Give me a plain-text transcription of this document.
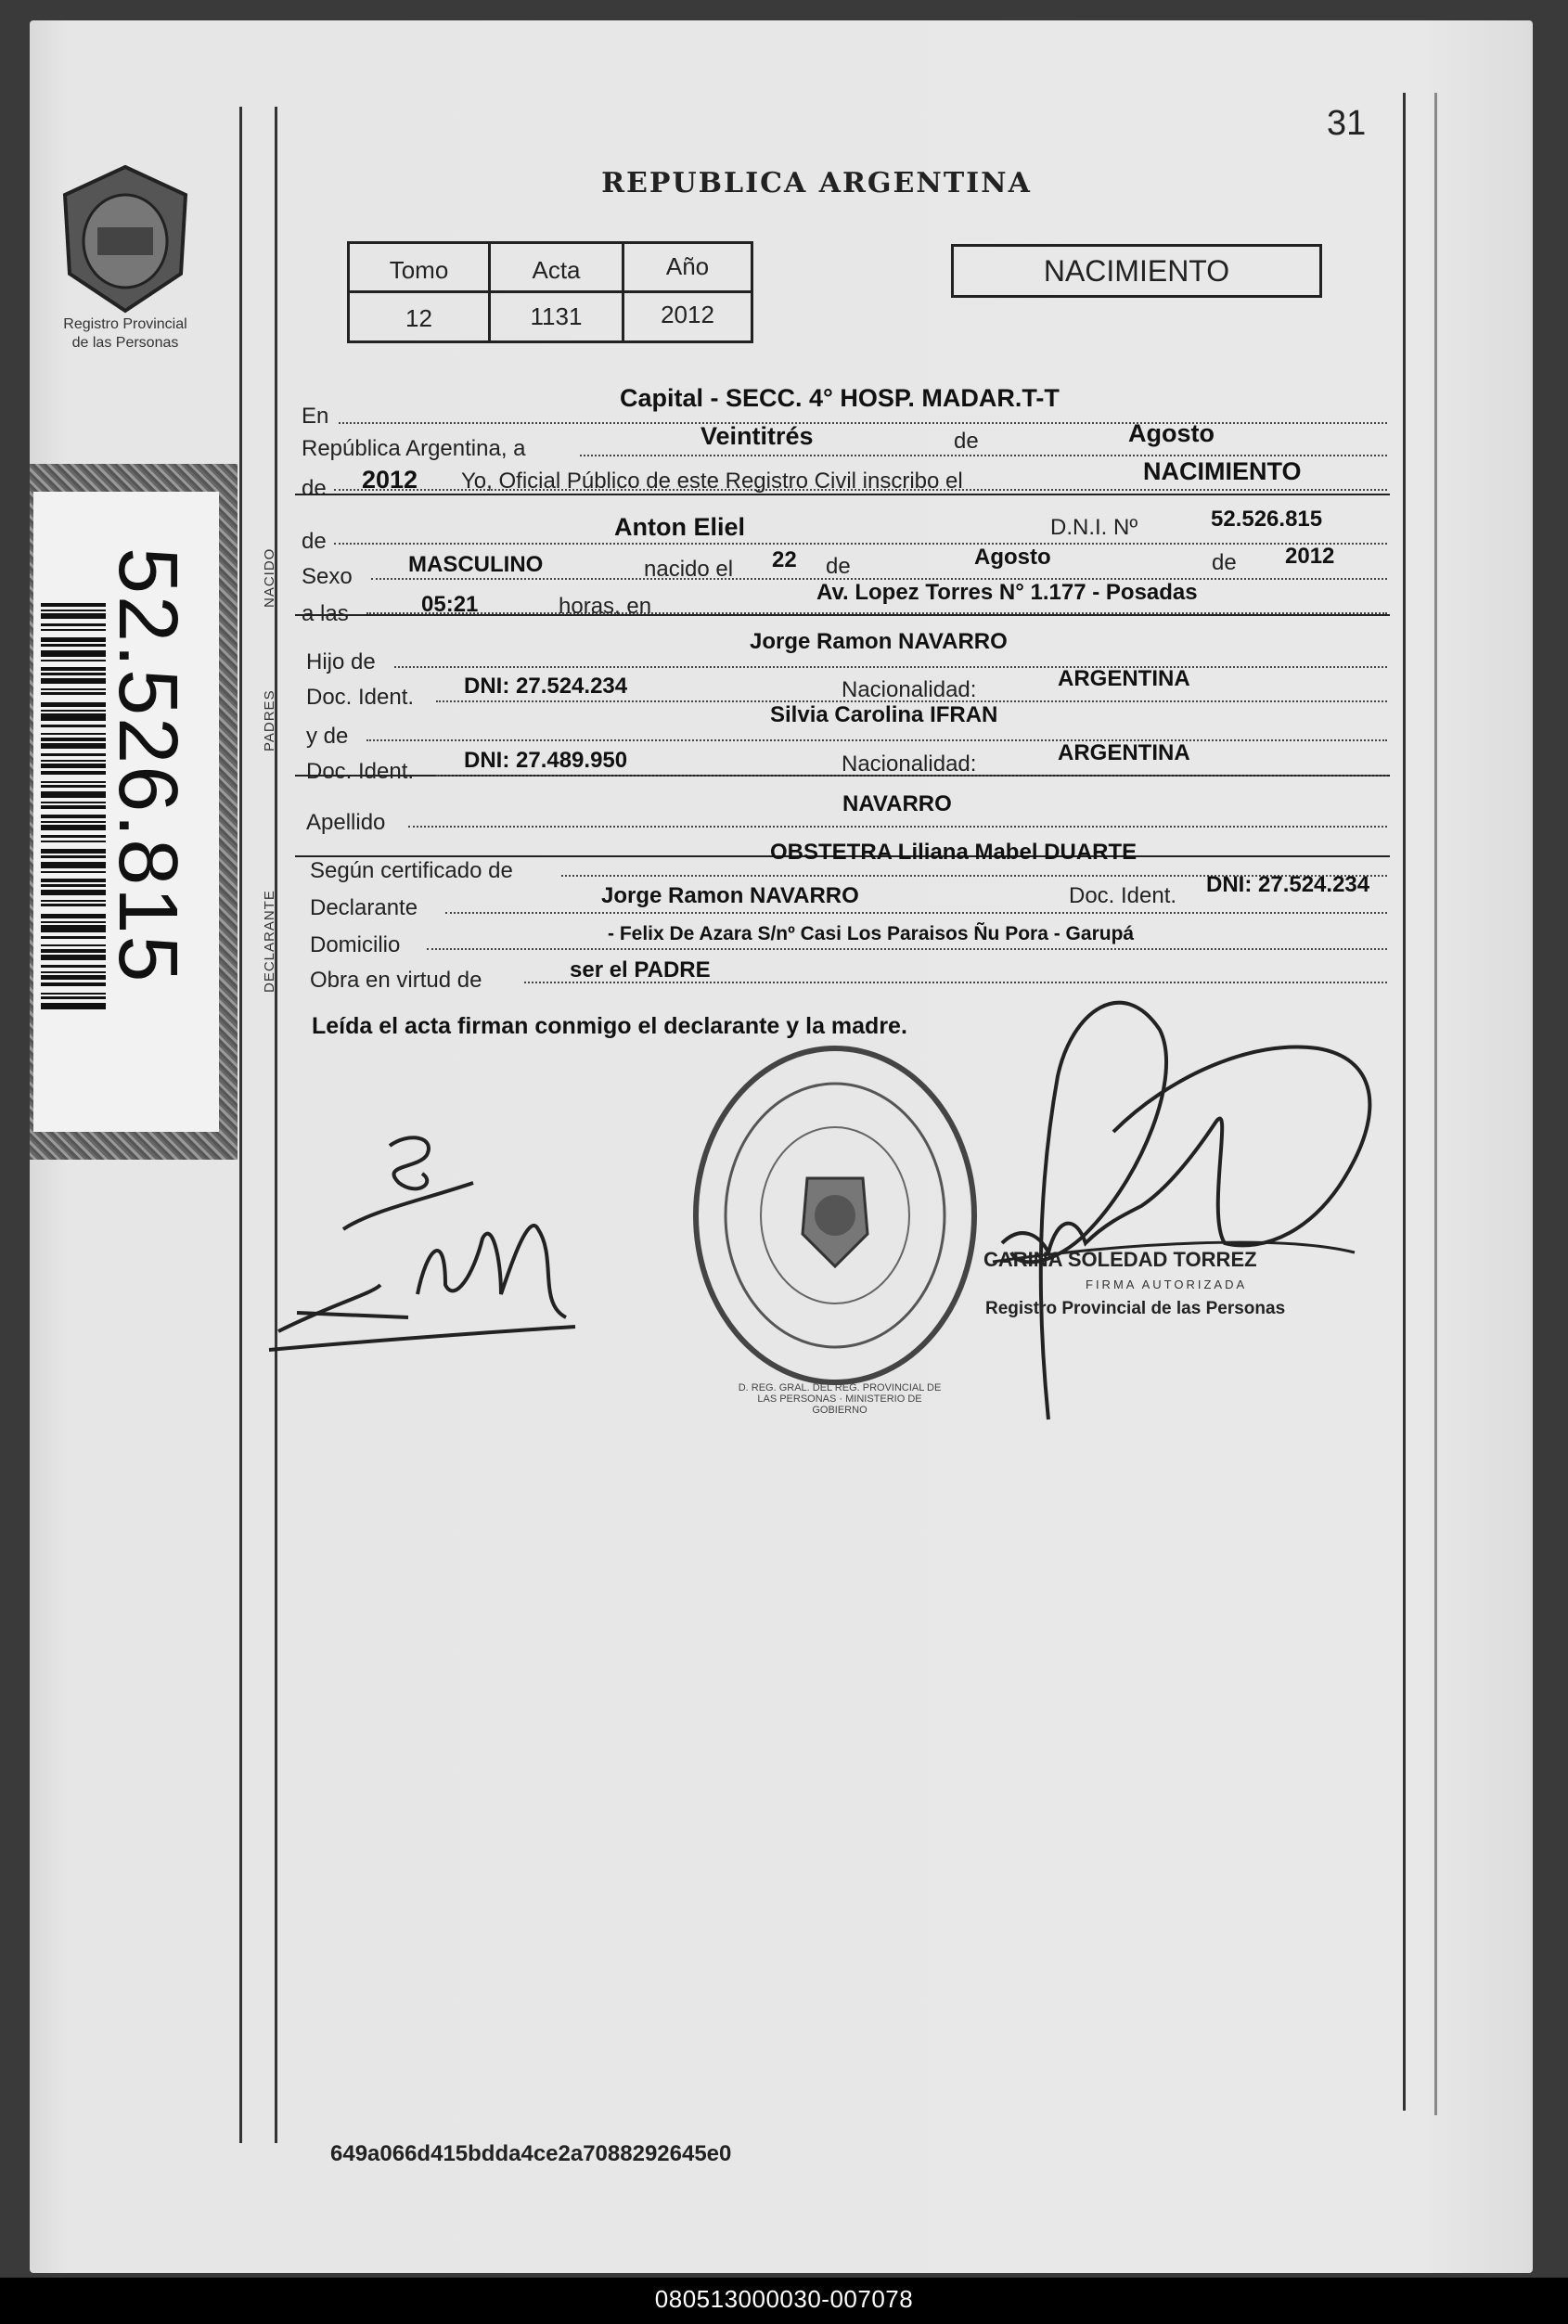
Registro Provincial
de las Personas
52.526.815
31
REPUBLICA ARGENTINA
Tomo	Acta	Año
12	1131	2012
NACIMIENTO
NACIDO
PADRES
DECLARANTE
En
Capital - SECC. 4° HOSP. MADAR.T-T
República Argentina, a	Veintitrés	de	Agosto
de 2012 Yo, Oficial Público de este Registro Civil inscribo el	NACIMIENTO
de
Anton Eliel	D.N.I. Nº	52.526.815
Sexo	MASCULINO	nacido el 22 de	Agosto	de 2012
a las	05:21	horas, en
Av. Lopez Torres N° 1.177 - Posadas
Hijo de
Jorge Ramon NAVARRO
Doc. Ident. DNI: 27.524.234	Nacionalidad:	ARGENTINA
y de
Silvia Carolina IFRAN
Doc. Ident. DNI: 27.489.950	Nacionalidad:	ARGENTINA
Apellido
NAVARRO
Según certificado de
OBSTETRA Liliana Mabel DUARTE
Declarante	Jorge Ramon NAVARRO	Doc. Ident. DNI: 27.524.234
Domicilio	- Felix De Azara S/nº Casi Los Paraisos Ñu Pora - Garupá
Obra en virtud de	ser el PADRE
Leída el acta firman conmigo el declarante y la madre.
D. REG. GRAL. DEL REG. PROVINCIAL DE LAS PERSONAS · MINISTERIO DE GOBIERNO
CARINA SOLEDAD TORREZ
FIRMA AUTORIZADA
Registro Provincial de las Personas
649a066d415bdda4ce2a7088292645e0
080513000030-007078
